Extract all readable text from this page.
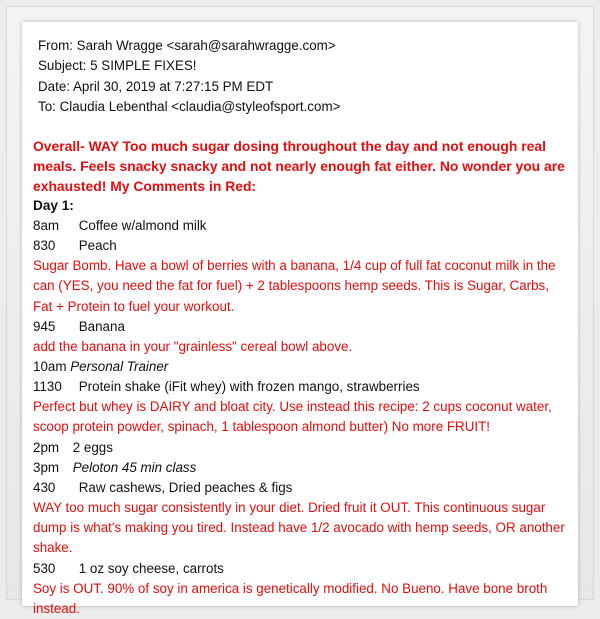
From: Sarah Wragge <sarah@sarahwragge.com>
Subject: 5 SIMPLE FIXES!
Date: April 30, 2019 at 7:27:15 PM EDT
To: Claudia Lebenthal <claudia@styleofsport.com>
Overall- WAY Too much sugar dosing throughout the day and not enough real meals. Feels snacky snacky and not nearly enough fat either. No wonder you are exhausted! My Comments in Red:
Day 1:
8am Coffee w/almond milk
830 Peach
Sugar Bomb. Have a bowl of berries with a banana, 1/4 cup of full fat coconut milk in the can (YES, you need the fat for fuel) + 2 tablespoons hemp seeds. This is Sugar, Carbs, Fat + Protein to fuel your workout.
945 Banana
add the banana in your "grainless" cereal bowl above.
10am Personal Trainer
1130 Protein shake (iFit whey) with frozen mango, strawberries
Perfect but whey is DAIRY and bloat city. Use instead this recipe: 2 cups coconut water, scoop protein powder, spinach, 1 tablespoon almond butter) No more FRUIT!
2pm 2 eggs
3pm Peloton 45 min class
430 Raw cashews, Dried peaches & figs
WAY too much sugar consistently in your diet. Dried fruit it OUT. This continuous sugar dump is what's making you tired. Instead have 1/2 avocado with hemp seeds, OR another shake.
530 1 oz soy cheese, carrots
Soy is OUT. 90% of soy in america is genetically modified. No Bueno. Have bone broth instead.
